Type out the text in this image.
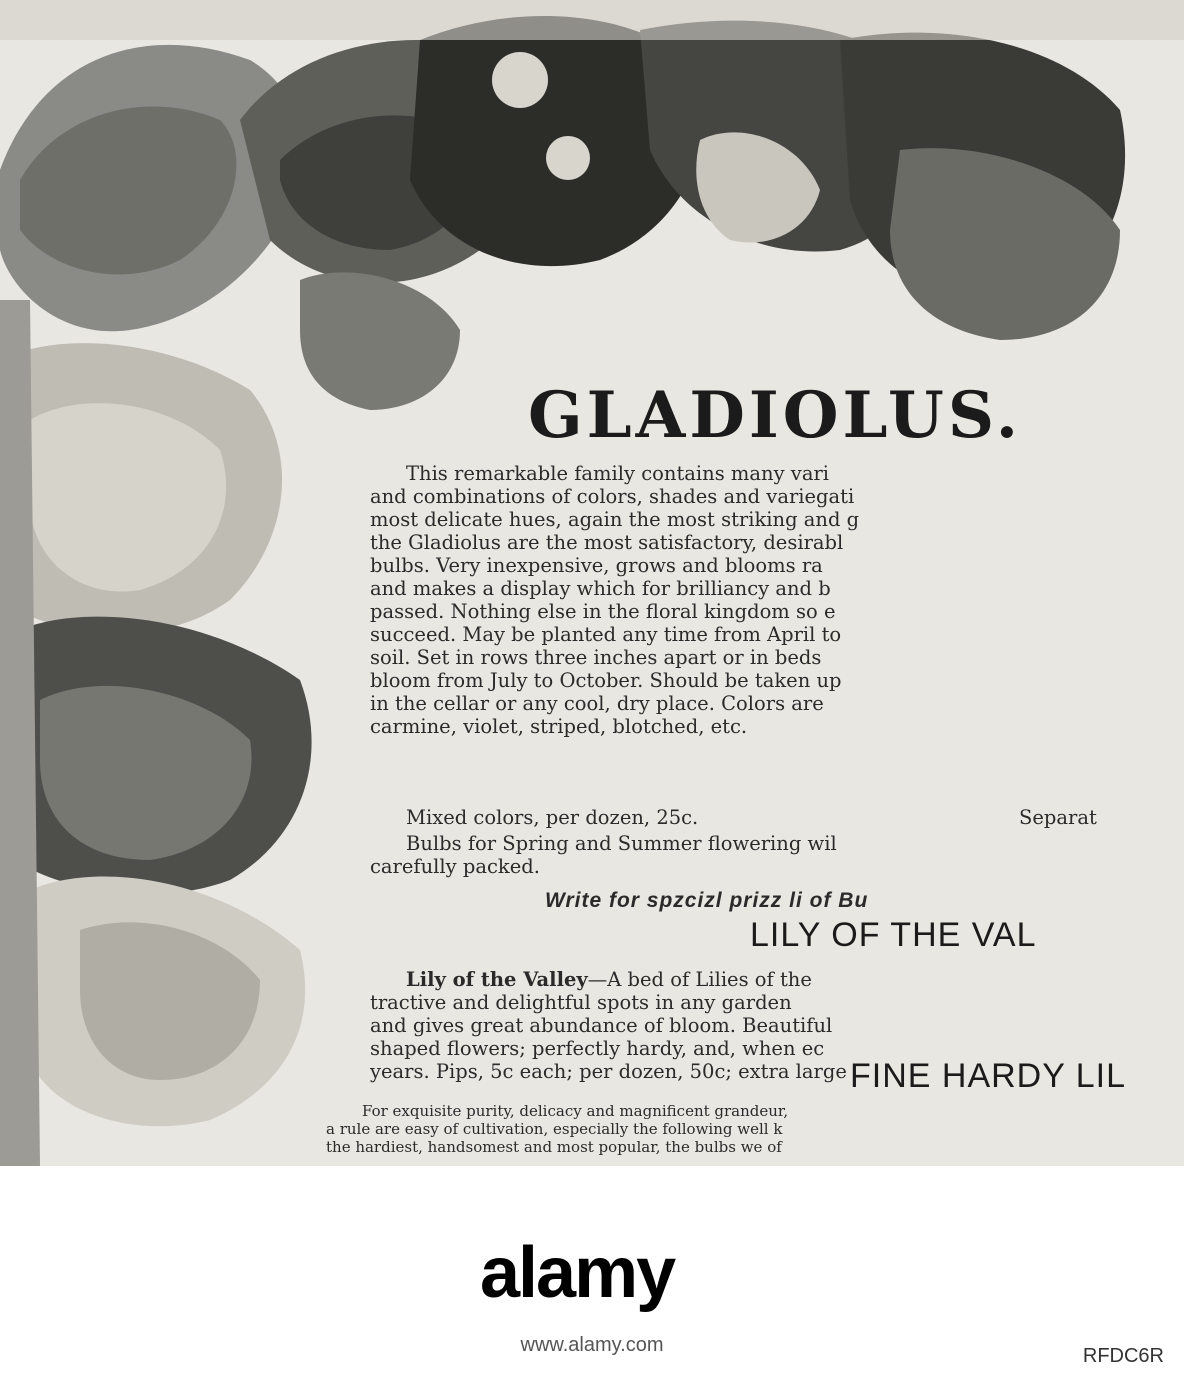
GLADIOLUS.
This remarkable family contains many vari
and combinations of colors, shades and variegati
most delicate hues, again the most striking and g
the Gladiolus are the most satisfactory, desirabl
bulbs. Very inexpensive, grows and blooms ra
and makes a display which for brilliancy and b
passed. Nothing else in the floral kingdom so e
succeed. May be planted any time from April to
soil. Set in rows three inches apart or in beds
bloom from July to October. Should be taken up
in the cellar or any cool, dry place. Colors are
carmine, violet, striped, blotched, etc.
Mixed colors, per dozen, 25c.	Separat
Bulbs for Spring and Summer flowering wil
carefully packed.
Write for spzcizl prizz li of Bu
LILY OF THE VAL
Lily of the Valley—A bed of Lilies of the
tractive and delightful spots in any garden
and gives great abundance of bloom. Beautiful
shaped flowers; perfectly hardy, and, when ec
years. Pips, 5c each; per dozen, 50c; extra large FINE HARDY LIL
For exquisite purity, delicacy and magnificent grandeur,
a rule are easy of cultivation, especially the following well k
the hardiest, handsomest and most popular, the bulbs we of
alamy
www.alamy.com	RFDC6R
